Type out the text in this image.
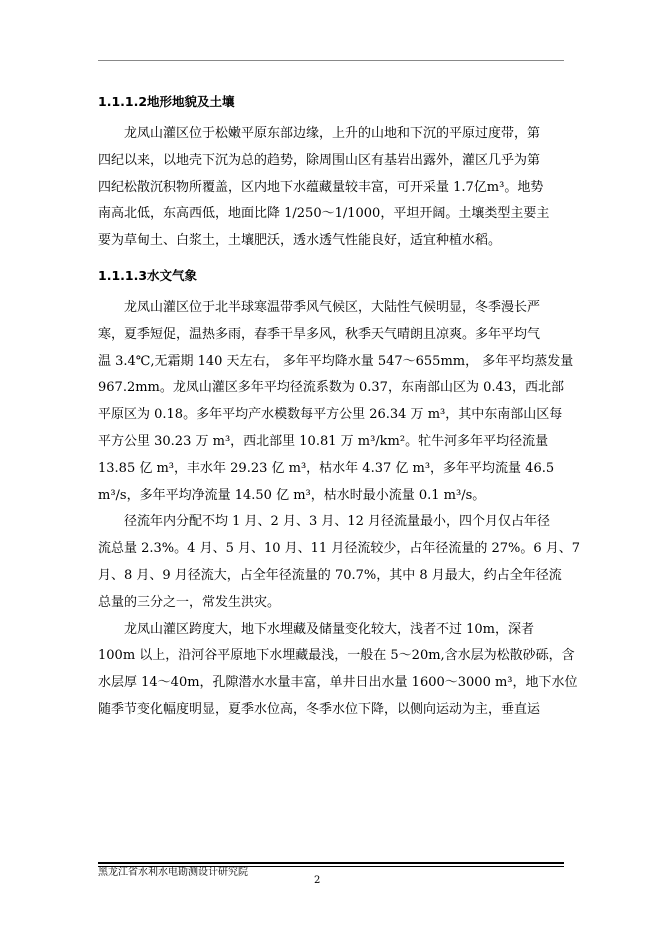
1.1.1.2地形地貌及土壤
龙凤山灌区位于松嫩平原东部边缘，上升的山地和下沉的平原过度带，第
四纪以来，以地壳下沉为总的趋势，除周围山区有基岩出露外，灌区几乎为第
四纪松散沉积物所覆盖，区内地下水蕴藏量较丰富，可开采量 1.7亿m³。地势
南高北低，东高西低，地面比降 1/250～1/1000，平坦开阔。土壤类型主要主
要为草甸土、白浆土，土壤肥沃，透水透气性能良好，适宜种植水稻。
1.1.1.3水文气象
龙凤山灌区位于北半球寒温带季风气候区，大陆性气候明显，冬季漫长严
寒，夏季短促，温热多雨，春季干旱多风，秋季天气晴朗且凉爽。多年平均气
温 3.4℃,无霜期 140 天左右， 多年平均降水量 547～655mm， 多年平均蒸发量
967.2mm。龙凤山灌区多年平均径流系数为 0.37，东南部山区为 0.43，西北部
平原区为 0.18。多年平均产水模数每平方公里 26.34 万 m³，其中东南部山区每
平方公里 30.23 万 m³，西北部里 10.81 万 m³/km²。牤牛河多年平均径流量
13.85 亿 m³，丰水年 29.23 亿 m³，枯水年 4.37 亿 m³，多年平均流量 46.5
m³/s，多年平均净流量 14.50 亿 m³，枯水时最小流量 0.1 m³/s。
径流年内分配不均 1 月、2 月、3 月、12 月径流量最小，四个月仅占年径
流总量 2.3%。4 月、5 月、10 月、11 月径流较少，占年径流量的 27%。6 月、7
月、8 月、9 月径流大，占全年径流量的 70.7%，其中 8 月最大，约占全年径流
总量的三分之一，常发生洪灾。
龙凤山灌区跨度大，地下水埋藏及储量变化较大，浅者不过 10m，深者
100m 以上，沿河谷平原地下水埋藏最浅，一般在 5～20m,含水层为松散砂砾，含
水层厚 14～40m，孔隙潜水水量丰富，单井日出水量 1600～3000 m³，地下水位
随季节变化幅度明显，夏季水位高，冬季水位下降，以侧向运动为主，垂直运
黑龙江省水利水电勘测设计研究院
2
